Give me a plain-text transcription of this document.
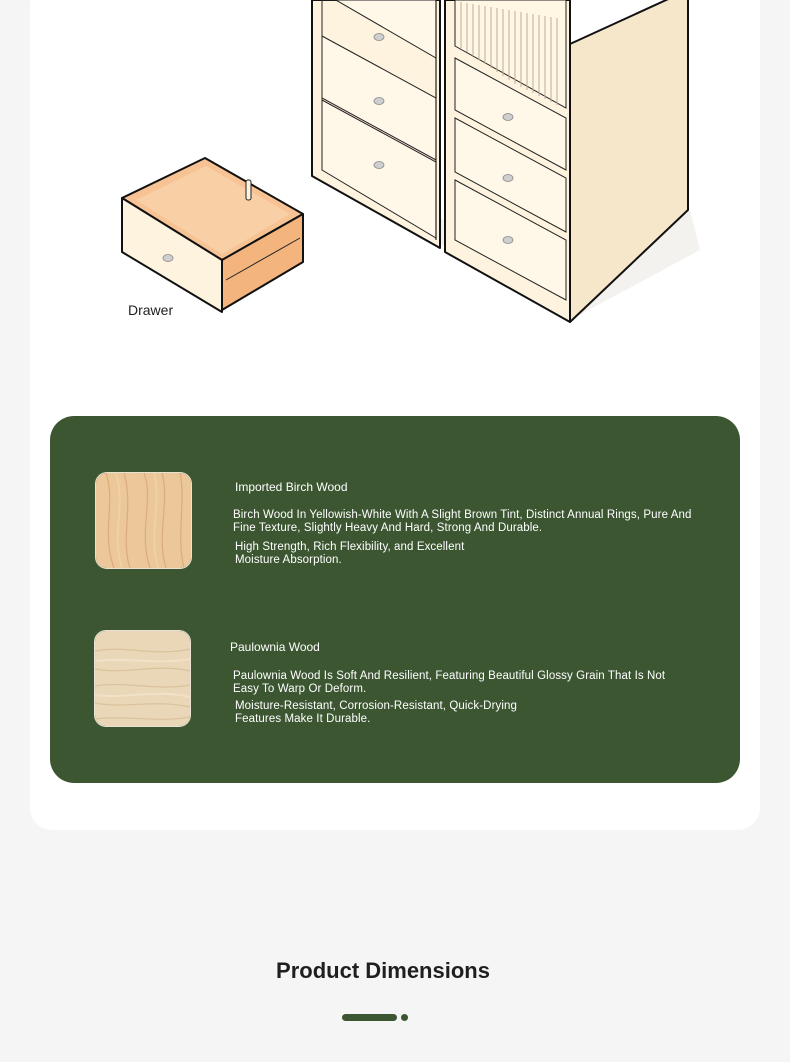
Drawer
Imported Birch Wood
Birch Wood In Yellowish-White With A Slight Brown Tint, Distinct Annual Rings, Pure And Fine Texture, Slightly Heavy And Hard, Strong And Durable.
High Strength, Rich Flexibility, and Excellent Moisture Absorption.
Paulownia Wood
Paulownia Wood Is Soft And Resilient, Featuring Beautiful Glossy Grain That Is Not Easy To Warp Or Deform.
Moisture-Resistant, Corrosion-Resistant, Quick-Drying Features Make It Durable.
Product Dimensions
